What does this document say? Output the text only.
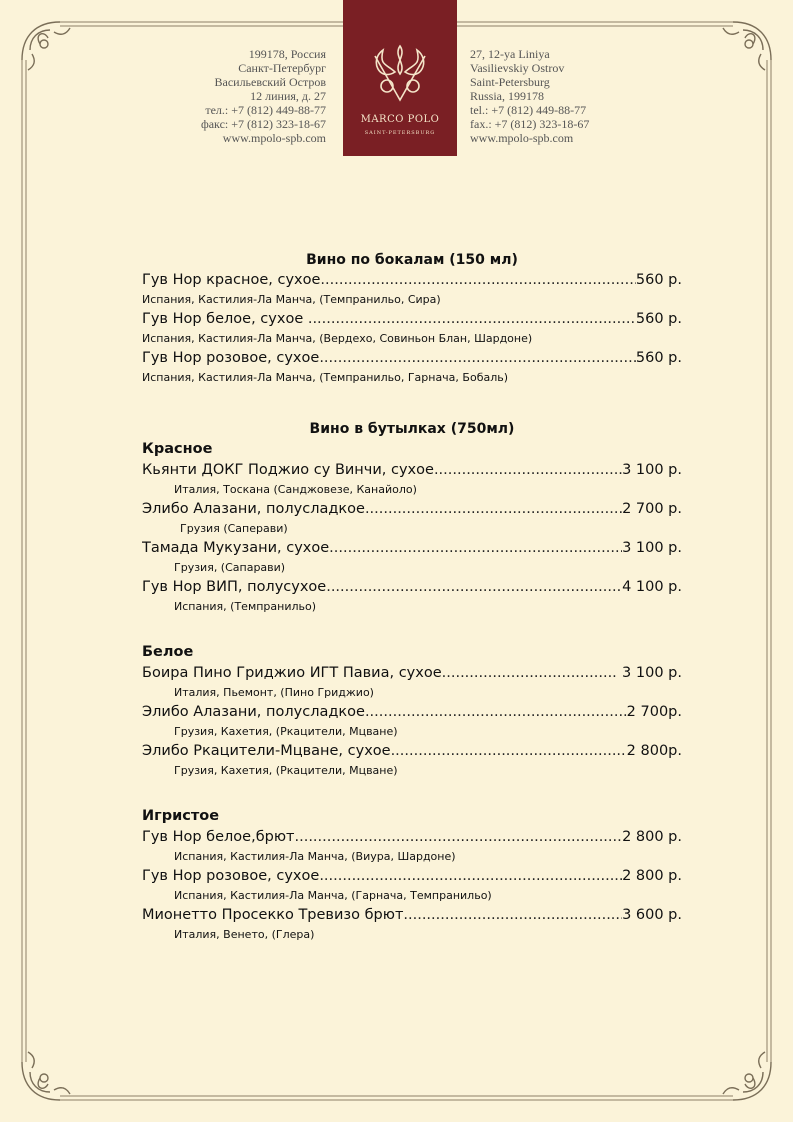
199178, Россия
Санкт-Петербург
Васильевский Остров
12 линия, д. 27
тел.: +7 (812) 449-88-77
факс: +7 (812) 323-18-67
www.mpolo-spb.com
MARCO POLO
SAINT-PETERSBURG
27, 12-ya Liniya
Vasilievskiy Ostrov
Saint-Petersburg
Russia, 199178
tel.: +7 (812) 449-88-77
fax.: +7 (812) 323-18-67
www.mpolo-spb.com
Вино по бокалам (150 мл)
Гув Нор красное, сухое .....	560 р.
Испания, Кастилия-Ла Манча, (Темпранильо, Сира)
Гув Нор белое, сухое .....	560 р.
Испания, Кастилия-Ла Манча, (Вердехо, Совиньон Блан, Шардоне)
Гув Нор розовое, сухое .....	560 р.
Испания, Кастилия-Ла Манча, (Темпранильо, Гарнача, Бобаль)
Вино в бутылках (750мл)
Красное
Кьянти ДОКГ Поджио су Винчи, сухое .....	3 100 р.
Италия, Тоскана (Санджовезе, Канайоло)
Элибо Алазани, полусладкое .....	2 700 р.
Грузия (Саперави)
Тамада Мукузани, сухое .....	3 100 р.
Грузия, (Сапарави)
Гув Нор ВИП, полусухое .....	4 100 р.
Испания, (Темпранильо)
Белое
Боира Пино Гриджио ИГТ Павиа, сухое .....	3 100 р.
Италия, Пьемонт, (Пино Гриджио)
Элибо Алазани, полусладкое .....	2 700р.
Грузия, Кахетия, (Ркацители, Мцване)
Элибо Ркацители-Мцване, сухое .....	2 800р.
Грузия, Кахетия, (Ркацители, Мцване)
Игристое
Гув Нор белое,брют .....	2 800 р.
Испания, Кастилия-Ла Манча, (Виура, Шардоне)
Гув Нор розовое, сухое .....	2 800 р.
Испания, Кастилия-Ла Манча, (Гарнача, Темпранильо)
Мионетто Просекко Тревизо брют .....	3 600 р.
Италия, Венето, (Глера)
